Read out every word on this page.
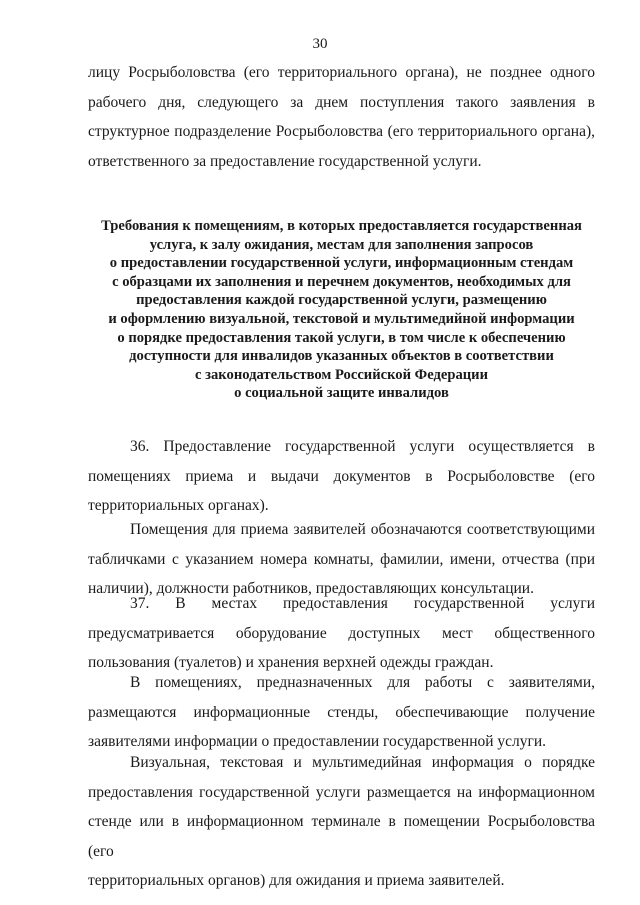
30

лицу Росрыболовства (его территориального органа), не позднее одного

рабочего дня, следующего за днем поступления такого заявления в

структурное подразделение Росрыболовства (его территориального органа),

ответственного за предоставление государственной услуги.

Требования к помещениям, в которых предоставляется государственная
услуга, к залу ожидания, местам для заполнения запросов
о предоставлении государственной услуги, информационным стендам
с образцами их заполнения и перечнем документов, необходимых для
предоставления каждой государственной услуги, размещению
и оформлению визуальной, текстовой и мультимедийной информации
о порядке предоставления такой услуги, в том числе к обеспечению
доступности для инвалидов указанных объектов в соответствии
с законодательством Российской Федерации
о социальной защите инвалидов

36. Предоставление государственной услуги осуществляется в

помещениях приема и выдачи документов в Росрыболовстве (его

территориальных органах).

Помещения для приема заявителей обозначаются соответствующими

табличками с указанием номера комнаты, фамилии, имени, отчества (при

наличии), должности работников, предоставляющих консультации.

37. В местах предоставления государственной услуги

предусматривается оборудование доступных мест общественного

пользования (туалетов) и хранения верхней одежды граждан.

В помещениях, предназначенных для работы с заявителями,

размещаются информационные стенды, обеспечивающие получение

заявителями информации о предоставлении государственной услуги.

Визуальная, текстовая и мультимедийная информация о порядке

предоставления государственной услуги размещается на информационном

стенде или в информационном терминале в помещении Росрыболовства (его

территориальных органов) для ожидания и приема заявителей.
